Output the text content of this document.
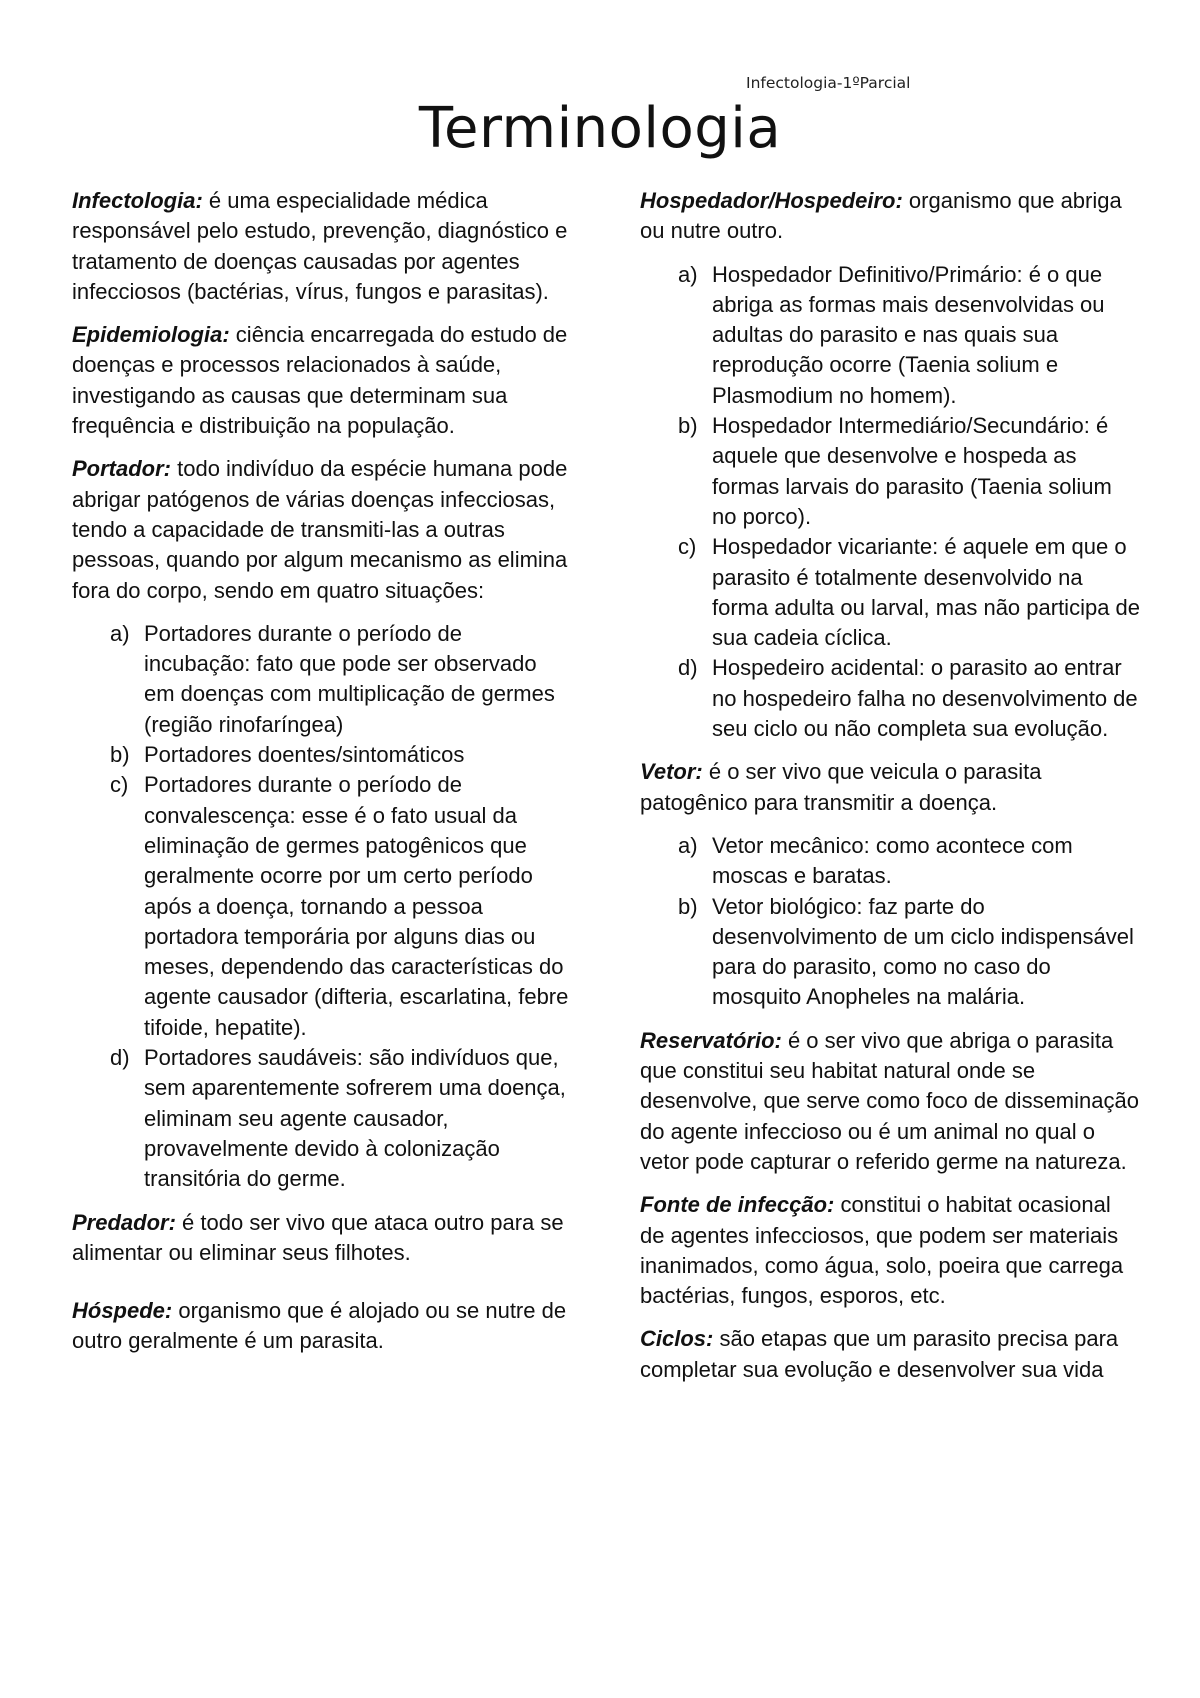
Infectologia-1ºParcial
Terminologia

Infectologia: é uma especialidade médica responsável pelo estudo, prevenção, diagnóstico e tratamento de doenças causadas por agentes infecciosos (bactérias, vírus, fungos e parasitas).

Epidemiologia: ciência encarregada do estudo de doenças e processos relacionados à saúde, investigando as causas que determinam sua frequência e distribuição na população.

Portador: todo indivíduo da espécie humana pode abrigar patógenos de várias doenças infecciosas, tendo a capacidade de transmiti-las a outras pessoas, quando por algum mecanismo as elimina fora do corpo, sendo em quatro situações:

a) Portadores durante o período de incubação: fato que pode ser observado em doenças com multiplicação de germes (região rinofaríngea)
b) Portadores doentes/sintomáticos
c) Portadores durante o período de convalescença: esse é o fato usual da eliminação de germes patogênicos que geralmente ocorre por um certo período após a doença, tornando a pessoa portadora temporária por alguns dias ou meses, dependendo das características do agente causador (difteria, escarlatina, febre tifoide, hepatite).
d) Portadores saudáveis: são indivíduos que, sem aparentemente sofrerem uma doença, eliminam seu agente causador, provavelmente devido à colonização transitória do germe.

Predador: é todo ser vivo que ataca outro para se alimentar ou eliminar seus filhotes.

Hóspede: organismo que é alojado ou se nutre de outro geralmente é um parasita.

Hospedador/Hospedeiro: organismo que abriga ou nutre outro.

a) Hospedador Definitivo/Primário: é o que abriga as formas mais desenvolvidas ou adultas do parasito e nas quais sua reprodução ocorre (Taenia solium e Plasmodium no homem).
b) Hospedador Intermediário/Secundário: é aquele que desenvolve e hospeda as formas larvais do parasito (Taenia solium no porco).
c) Hospedador vicariante: é aquele em que o parasito é totalmente desenvolvido na forma adulta ou larval, mas não participa de sua cadeia cíclica.
d) Hospedeiro acidental: o parasito ao entrar no hospedeiro falha no desenvolvimento de seu ciclo ou não completa sua evolução.

Vetor: é o ser vivo que veicula o parasita patogênico para transmitir a doença.

a) Vetor mecânico: como acontece com moscas e baratas.
b) Vetor biológico: faz parte do desenvolvimento de um ciclo indispensável para do parasito, como no caso do mosquito Anopheles na malária.

Reservatório: é o ser vivo que abriga o parasita que constitui seu habitat natural onde se desenvolve, que serve como foco de disseminação do agente infeccioso ou é um animal no qual o vetor pode capturar o referido germe na natureza.

Fonte de infecção: constitui o habitat ocasional de agentes infecciosos, que podem ser materiais inanimados, como água, solo, poeira que carrega bactérias, fungos, esporos, etc.

Ciclos: são etapas que um parasito precisa para completar sua evolução e desenvolver sua vida
